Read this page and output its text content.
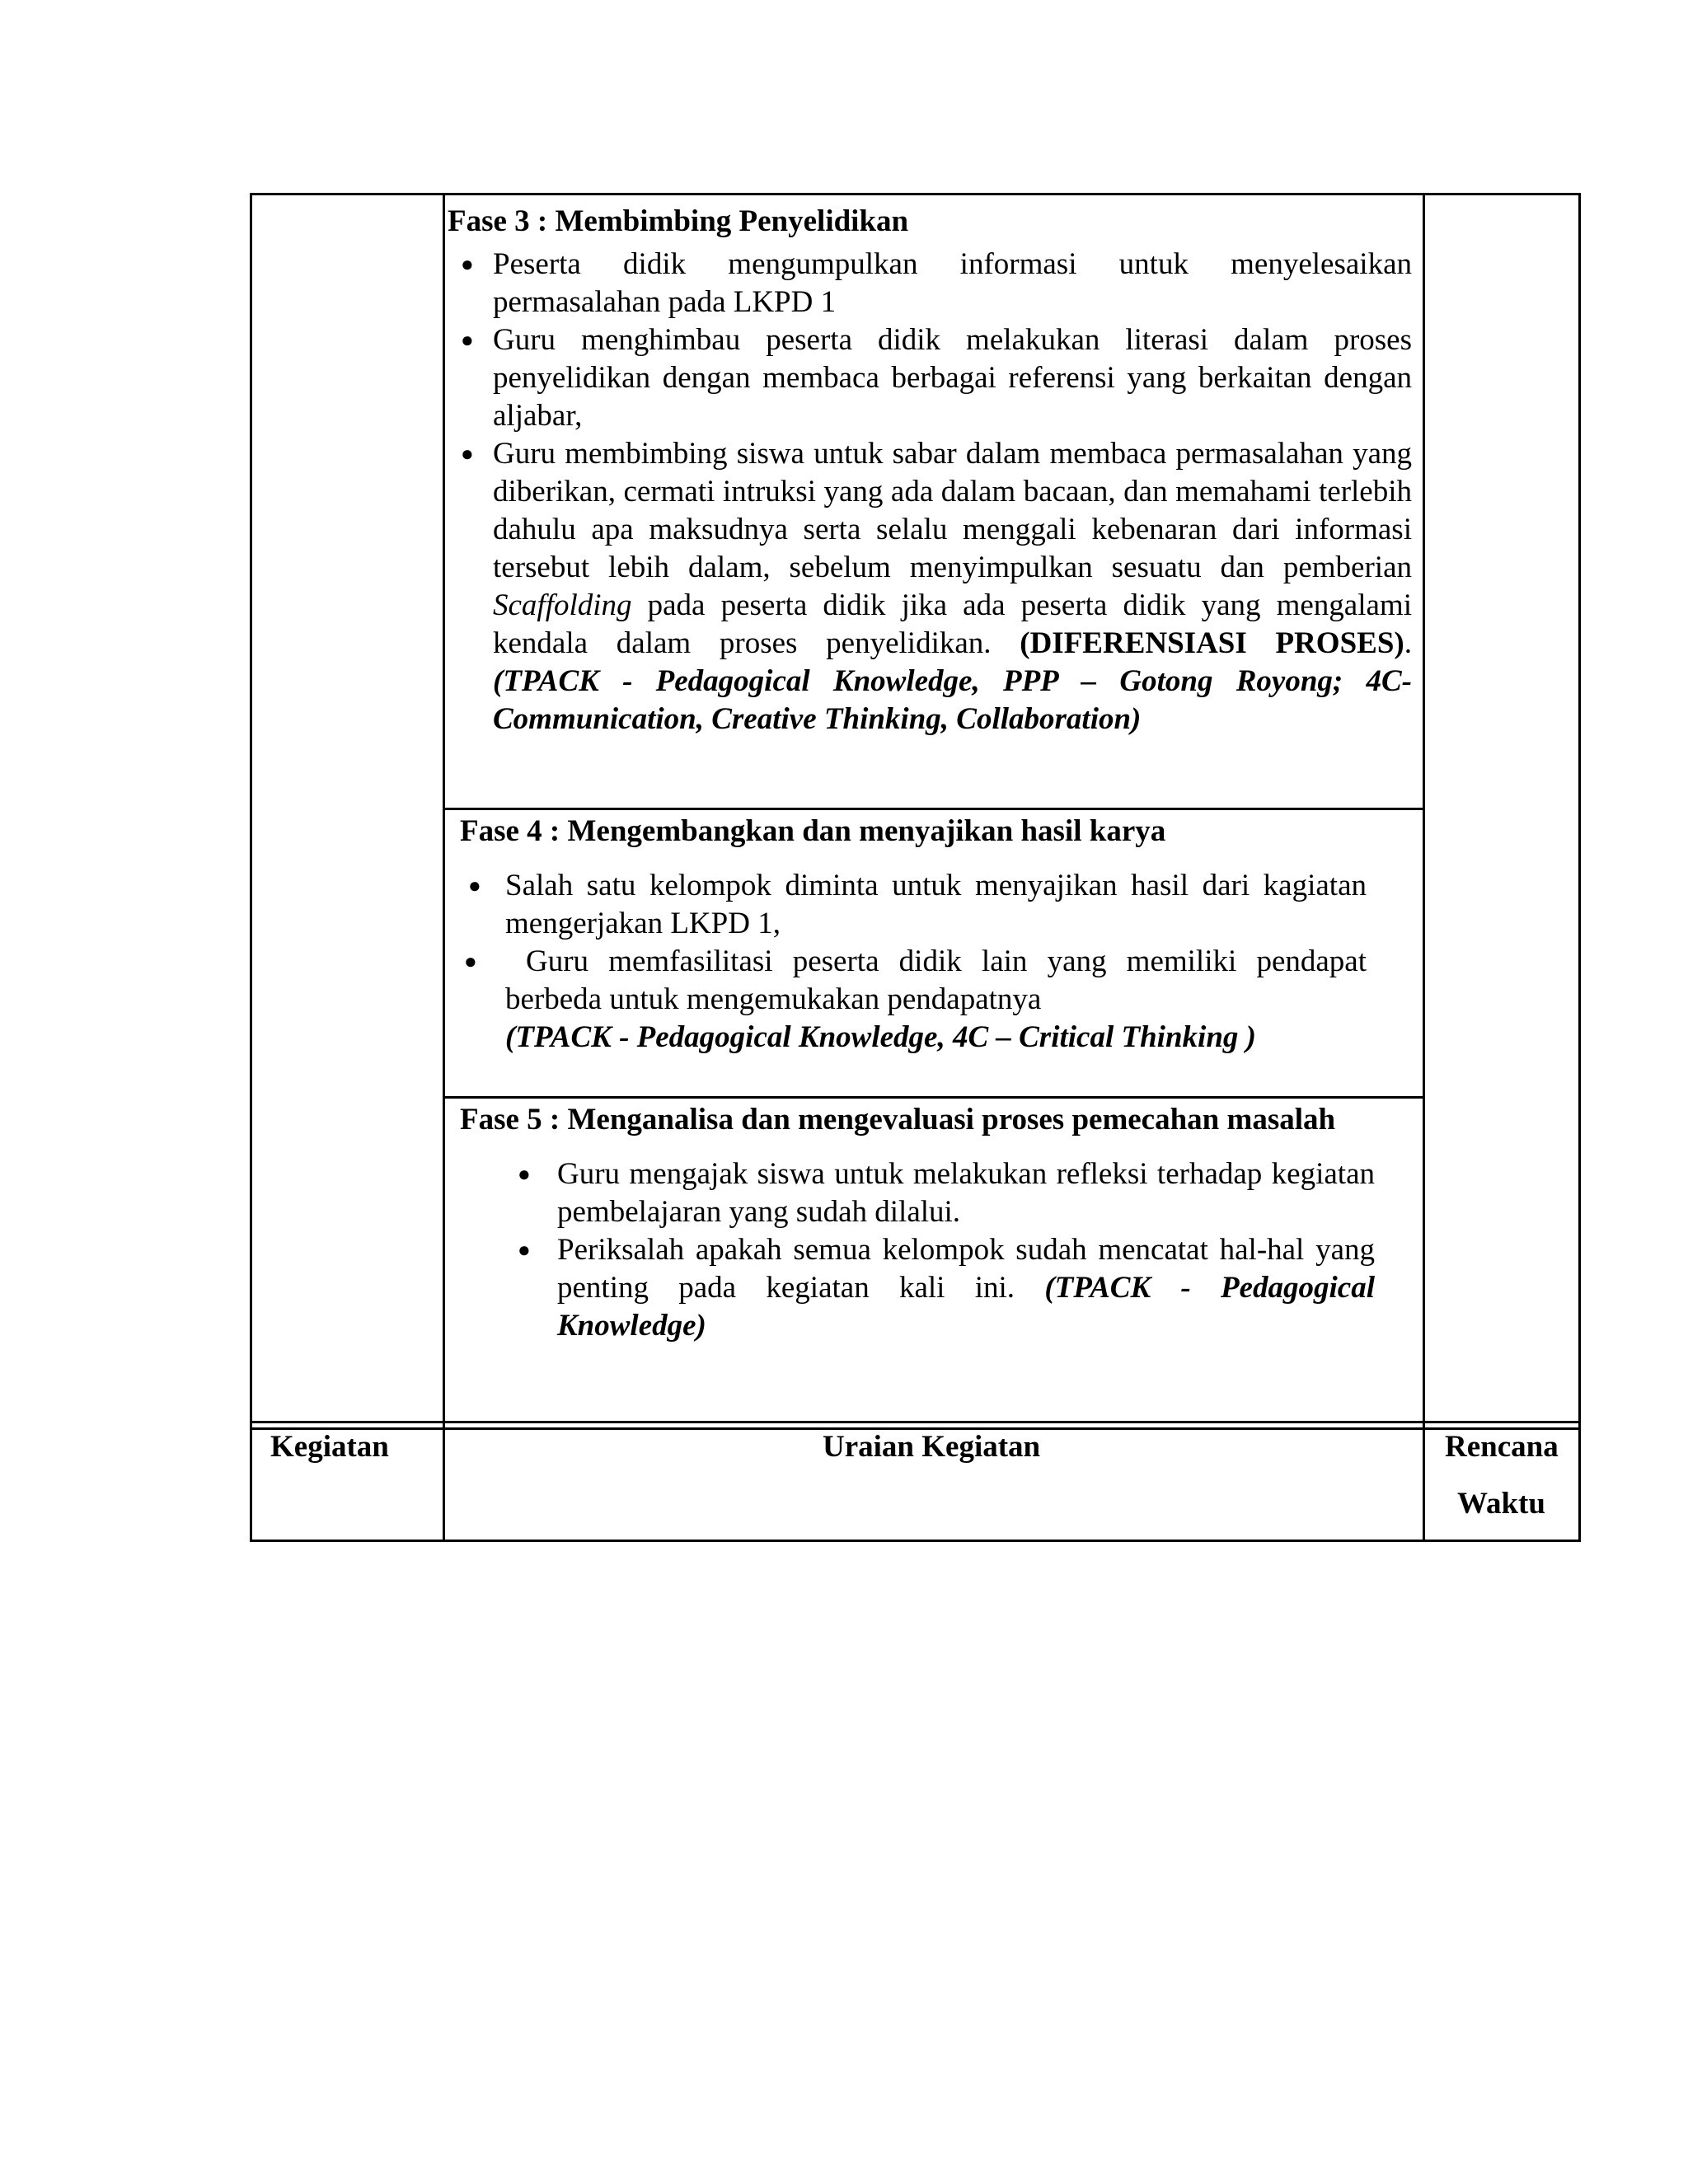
Fase 3 : Membimbing Penyelidikan
● Peserta didik mengumpulkan informasi untuk menyelesaikan permasalahan pada LKPD 1
● Guru menghimbau peserta didik melakukan literasi dalam proses penyelidikan dengan membaca berbagai referensi yang berkaitan dengan aljabar,
● Guru membimbing siswa untuk sabar dalam membaca permasalahan yang diberikan, cermati intruksi yang ada dalam bacaan, dan memahami terlebih dahulu apa maksudnya serta selalu menggali kebenaran dari informasi tersebut lebih dalam, sebelum menyimpulkan sesuatu dan pemberian Scaffolding pada peserta didik jika ada peserta didik yang mengalami kendala dalam proses penyelidikan. (DIFERENSIASI PROSES). (TPACK - Pedagogical Knowledge, PPP – Gotong Royong; 4C- Communication, Creative Thinking, Collaboration)
Fase 4 : Mengembangkan dan menyajikan hasil karya
● Salah satu kelompok diminta untuk menyajikan hasil dari kagiatan mengerjakan LKPD 1,
● Guru memfasilitasi peserta didik lain yang memiliki pendapat berbeda untuk mengemukakan pendapatnya
(TPACK - Pedagogical Knowledge, 4C – Critical Thinking )
Fase 5 : Menganalisa dan mengevaluasi proses pemecahan masalah
● Guru mengajak siswa untuk melakukan refleksi terhadap kegiatan pembelajaran yang sudah dilalui.
● Periksalah apakah semua kelompok sudah mencatat hal-hal yang penting pada kegiatan kali ini. (TPACK - Pedagogical Knowledge)
Kegiatan	Uraian Kegiatan	Rencana
Waktu
